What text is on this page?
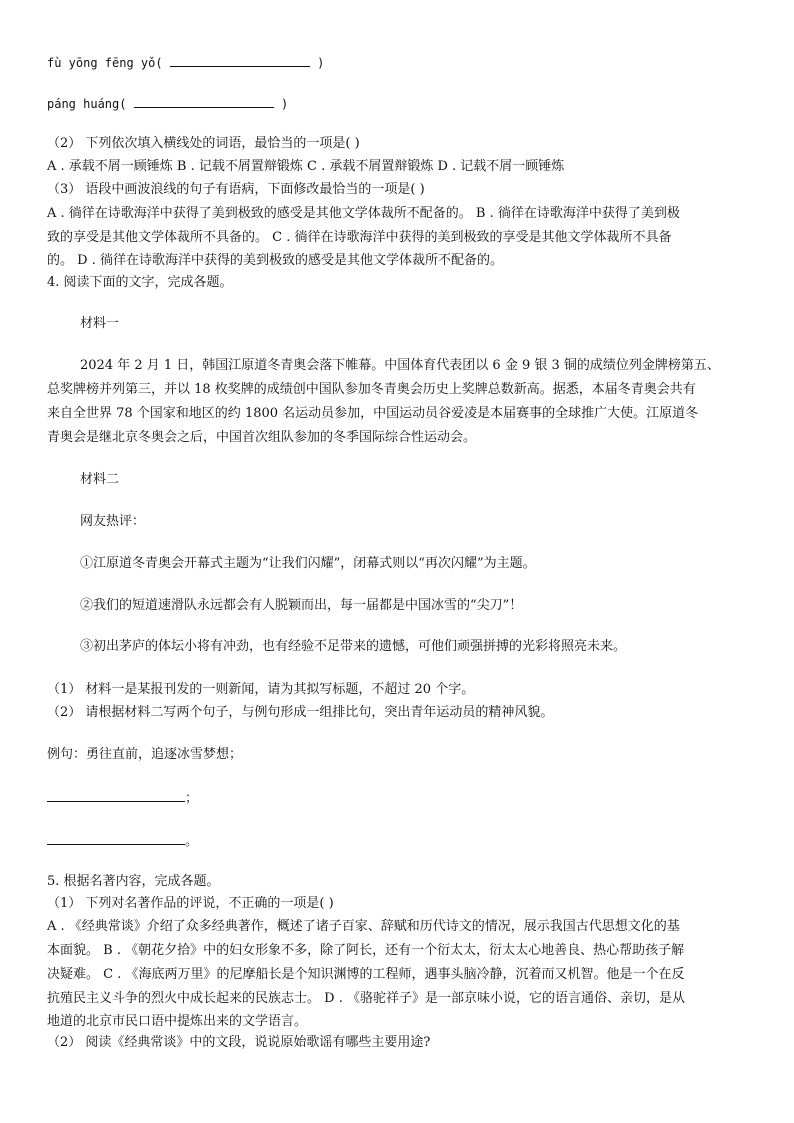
fù yōng fēng yǒ(	)
páng huáng(	)
（2） 下列依次填入横线处的词语，最恰当的一项是( )
A . 承载不屑一顾锤炼 B . 记载不屑置辩锻炼 C . 承载不屑置辩锻炼 D . 记载不屑一顾锤炼
（3） 语段中画波浪线的句子有语病，下面修改最恰当的一项是( )
A . 徜徉在诗歌海洋中获得了美到极致的感受是其他文学体裁所不配备的。 B . 徜徉在诗歌海洋中获得了美到极
致的享受是其他文学体裁所不具备的。 C . 徜徉在诗歌海洋中获得的美到极致的享受是其他文学体裁所不具备
的。 D . 徜徉在诗歌海洋中获得的美到极致的感受是其他文学体裁所不配备的。
4. 阅读下面的文字，完成各题。
材料一
2024 年 2 月 1 日，韩国江原道冬青奥会落下帷幕。中国体育代表团以 6 金 9 银 3 铜的成绩位列金牌榜第五、
总奖牌榜并列第三，并以 18 枚奖牌的成绩创中国队参加冬青奥会历史上奖牌总数新高。据悉，本届冬青奥会共有
来自全世界 78 个国家和地区的约 1800 名运动员参加，中国运动员谷爱凌是本届赛事的全球推广大使。江原道冬
青奥会是继北京冬奥会之后，中国首次组队参加的冬季国际综合性运动会。
材料二
网友热评：
①江原道冬青奥会开幕式主题为“让我们闪耀”，闭幕式则以“再次闪耀”为主题。
②我们的短道速滑队永远都会有人脱颖而出，每一届都是中国冰雪的“尖刀”！
③初出茅庐的体坛小将有冲劲，也有经验不足带来的遗憾，可他们顽强拼搏的光彩将照亮未来。
（1） 材料一是某报刊发的一则新闻，请为其拟写标题，不超过 20 个字。
（2） 请根据材料二写两个句子，与例句形成一组排比句，突出青年运动员的精神风貌。
例句：勇往直前，追逐冰雪梦想；
；
。
5. 根据名著内容，完成各题。
（1） 下列对名著作品的评说，不正确的一项是( )
A . 《经典常谈》介绍了众多经典著作，概述了诸子百家、辞赋和历代诗文的情况，展示我国古代思想文化的基
本面貌。 B . 《朝花夕拾》中的妇女形象不多，除了阿长，还有一个衍太太，衍太太心地善良、热心帮助孩子解
决疑难。 C . 《海底两万里》的尼摩船长是个知识渊博的工程师，遇事头脑冷静，沉着而又机智。他是一个在反
抗殖民主义斗争的烈火中成长起来的民族志士。 D . 《骆驼祥子》是一部京味小说，它的语言通俗、亲切，是从
地道的北京市民口语中提炼出来的文学语言。
（2） 阅读《经典常谈》中的文段，说说原始歌谣有哪些主要用途?
